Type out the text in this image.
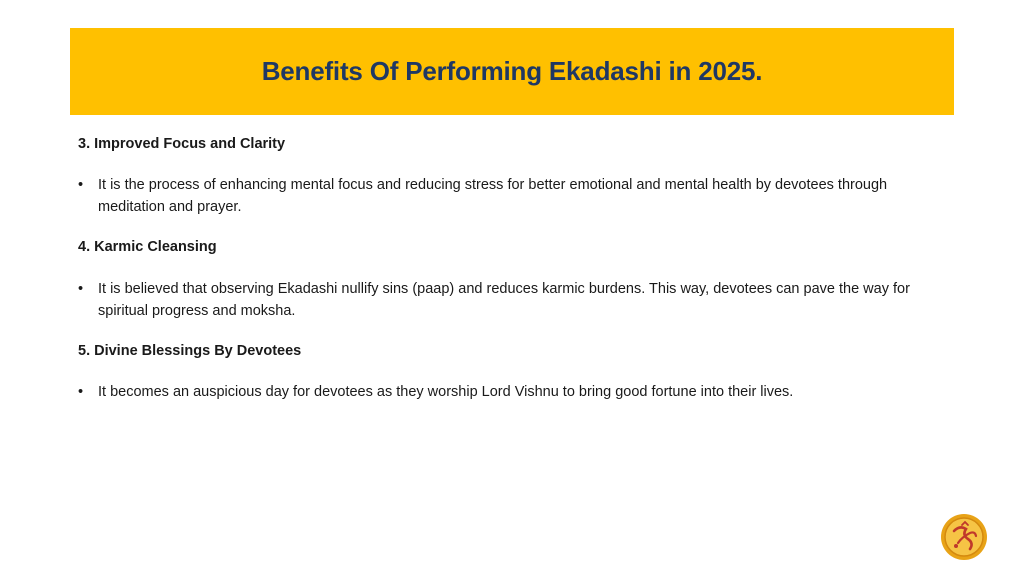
Benefits Of Performing Ekadashi in 2025.

3. Improved Focus and Clarity

• It is the process of enhancing mental focus and reducing stress for better emotional and mental health by devotees through meditation and prayer.

4. Karmic Cleansing

• It is believed that observing Ekadashi nullify sins (paap) and reduces karmic burdens. This way, devotees can pave the way for spiritual progress and moksha.

5. Divine Blessings By Devotees

• It becomes an auspicious day for devotees as they worship Lord Vishnu to bring good fortune into their lives.
